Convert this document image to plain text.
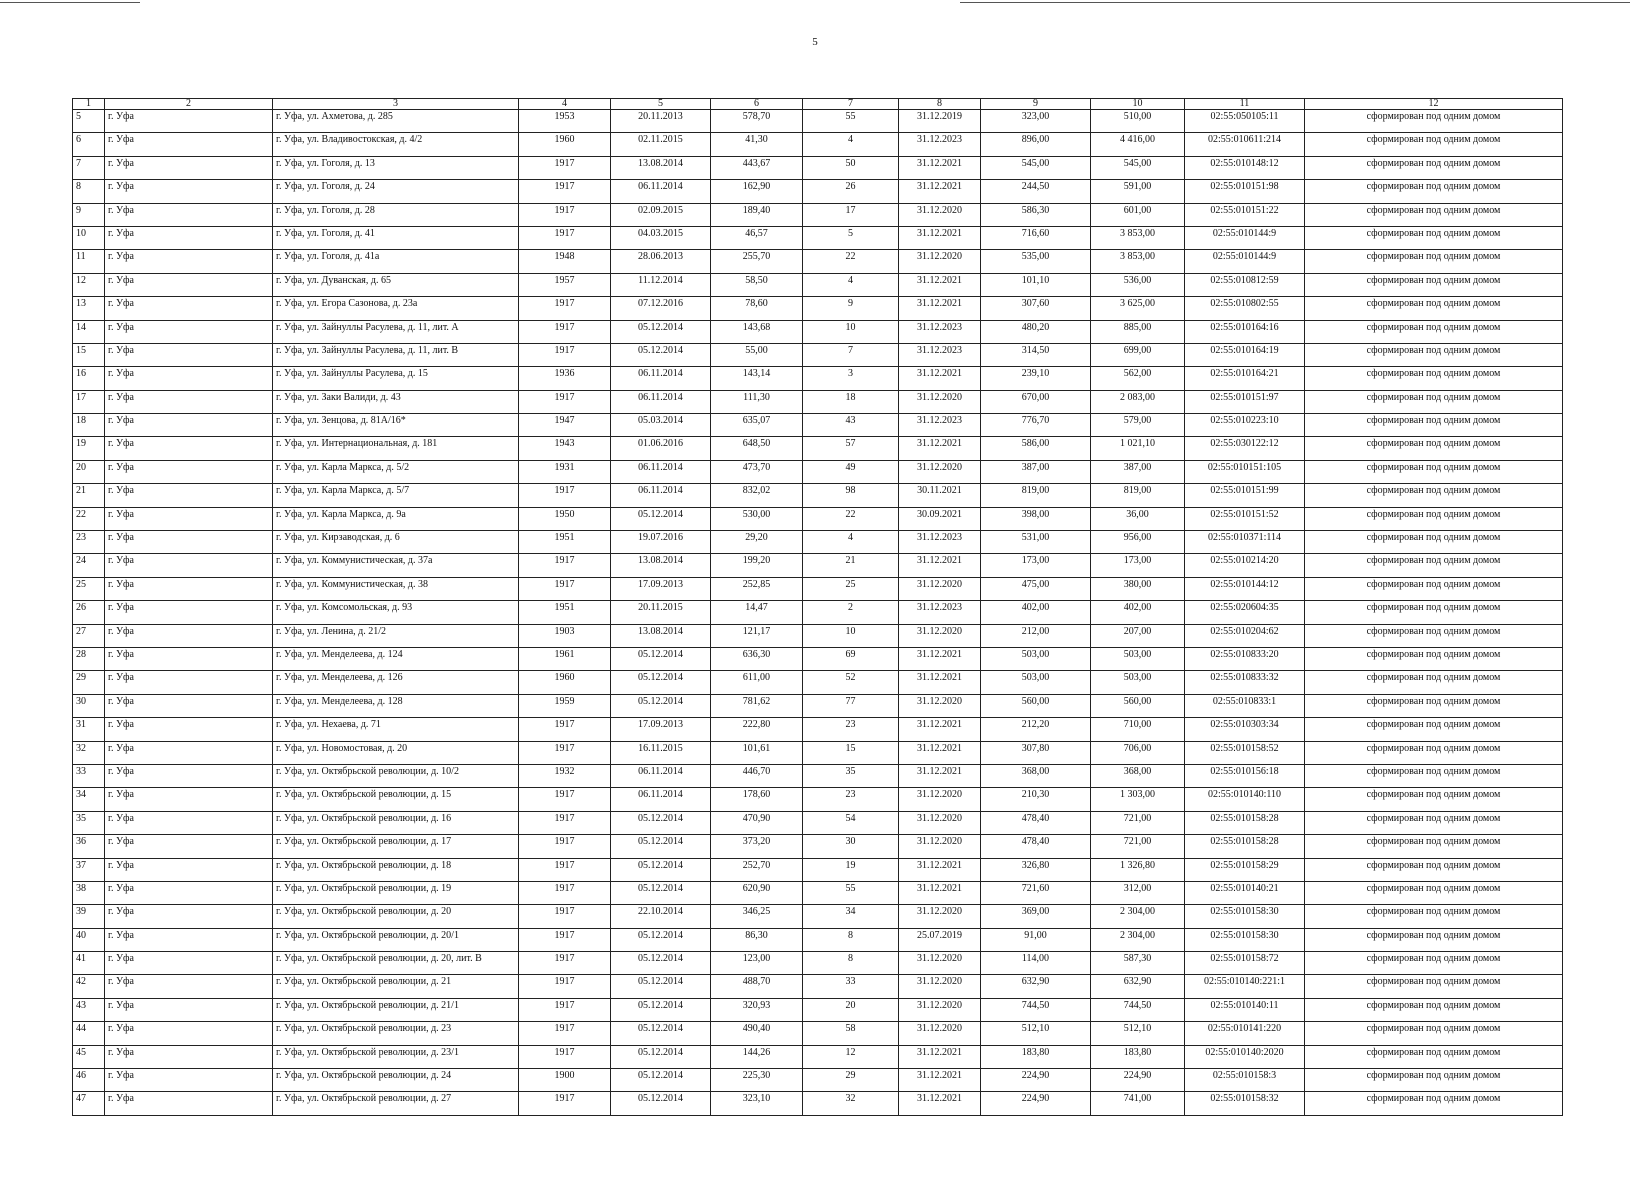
5
1	2	3	4	5	6	7	8	9	10	11	12
5	г. Уфа	г. Уфа, ул. Ахметова, д. 285	1953	20.11.2013	578,70	55	31.12.2019	323,00	510,00	02:55:050105:11	сформирован под одним домом
6	г. Уфа	г. Уфа, ул. Владивостокская, д. 4/2	1960	02.11.2015	41,30	4	31.12.2023	896,00	4 416,00	02:55:010611:214	сформирован под одним домом
7	г. Уфа	г. Уфа, ул. Гоголя, д. 13	1917	13.08.2014	443,67	50	31.12.2021	545,00	545,00	02:55:010148:12	сформирован под одним домом
8	г. Уфа	г. Уфа, ул. Гоголя, д. 24	1917	06.11.2014	162,90	26	31.12.2021	244,50	591,00	02:55:010151:98	сформирован под одним домом
9	г. Уфа	г. Уфа, ул. Гоголя, д. 28	1917	02.09.2015	189,40	17	31.12.2020	586,30	601,00	02:55:010151:22	сформирован под одним домом
10	г. Уфа	г. Уфа, ул. Гоголя, д. 41	1917	04.03.2015	46,57	5	31.12.2021	716,60	3 853,00	02:55:010144:9	сформирован под одним домом
11	г. Уфа	г. Уфа, ул. Гоголя, д. 41а	1948	28.06.2013	255,70	22	31.12.2020	535,00	3 853,00	02:55:010144:9	сформирован под одним домом
12	г. Уфа	г. Уфа, ул. Дуванская, д. 65	1957	11.12.2014	58,50	4	31.12.2021	101,10	536,00	02:55:010812:59	сформирован под одним домом
13	г. Уфа	г. Уфа, ул. Егора Сазонова, д. 23а	1917	07.12.2016	78,60	9	31.12.2021	307,60	3 625,00	02:55:010802:55	сформирован под одним домом
14	г. Уфа	г. Уфа, ул. Зайнуллы Расулева, д. 11, лит. А	1917	05.12.2014	143,68	10	31.12.2023	480,20	885,00	02:55:010164:16	сформирован под одним домом
15	г. Уфа	г. Уфа, ул. Зайнуллы Расулева, д. 11, лит. В	1917	05.12.2014	55,00	7	31.12.2023	314,50	699,00	02:55:010164:19	сформирован под одним домом
16	г. Уфа	г. Уфа, ул. Зайнуллы Расулева, д. 15	1936	06.11.2014	143,14	3	31.12.2021	239,10	562,00	02:55:010164:21	сформирован под одним домом
17	г. Уфа	г. Уфа, ул. Заки Валиди, д. 43	1917	06.11.2014	111,30	18	31.12.2020	670,00	2 083,00	02:55:010151:97	сформирован под одним домом
18	г. Уфа	г. Уфа, ул. Зенцова, д. 81А/16*	1947	05.03.2014	635,07	43	31.12.2023	776,70	579,00	02:55:010223:10	сформирован под одним домом
19	г. Уфа	г. Уфа, ул. Интернациональная, д. 181	1943	01.06.2016	648,50	57	31.12.2021	586,00	1 021,10	02:55:030122:12	сформирован под одним домом
20	г. Уфа	г. Уфа, ул. Карла Маркса, д. 5/2	1931	06.11.2014	473,70	49	31.12.2020	387,00	387,00	02:55:010151:105	сформирован под одним домом
21	г. Уфа	г. Уфа, ул. Карла Маркса, д. 5/7	1917	06.11.2014	832,02	98	30.11.2021	819,00	819,00	02:55:010151:99	сформирован под одним домом
22	г. Уфа	г. Уфа, ул. Карла Маркса, д. 9а	1950	05.12.2014	530,00	22	30.09.2021	398,00	36,00	02:55:010151:52	сформирован под одним домом
23	г. Уфа	г. Уфа, ул. Кирзаводская, д. 6	1951	19.07.2016	29,20	4	31.12.2023	531,00	956,00	02:55:010371:114	сформирован под одним домом
24	г. Уфа	г. Уфа, ул. Коммунистическая, д. 37а	1917	13.08.2014	199,20	21	31.12.2021	173,00	173,00	02:55:010214:20	сформирован под одним домом
25	г. Уфа	г. Уфа, ул. Коммунистическая, д. 38	1917	17.09.2013	252,85	25	31.12.2020	475,00	380,00	02:55:010144:12	сформирован под одним домом
26	г. Уфа	г. Уфа, ул. Комсомольская, д. 93	1951	20.11.2015	14,47	2	31.12.2023	402,00	402,00	02:55:020604:35	сформирован под одним домом
27	г. Уфа	г. Уфа, ул. Ленина, д. 21/2	1903	13.08.2014	121,17	10	31.12.2020	212,00	207,00	02:55:010204:62	сформирован под одним домом
28	г. Уфа	г. Уфа, ул. Менделеева, д. 124	1961	05.12.2014	636,30	69	31.12.2021	503,00	503,00	02:55:010833:20	сформирован под одним домом
29	г. Уфа	г. Уфа, ул. Менделеева, д. 126	1960	05.12.2014	611,00	52	31.12.2021	503,00	503,00	02:55:010833:32	сформирован под одним домом
30	г. Уфа	г. Уфа, ул. Менделеева, д. 128	1959	05.12.2014	781,62	77	31.12.2020	560,00	560,00	02:55:010833:1	сформирован под одним домом
31	г. Уфа	г. Уфа, ул. Нехаева, д. 71	1917	17.09.2013	222,80	23	31.12.2021	212,20	710,00	02:55:010303:34	сформирован под одним домом
32	г. Уфа	г. Уфа, ул. Новомостовая, д. 20	1917	16.11.2015	101,61	15	31.12.2021	307,80	706,00	02:55:010158:52	сформирован под одним домом
33	г. Уфа	г. Уфа, ул. Октябрьской революции, д. 10/2	1932	06.11.2014	446,70	35	31.12.2021	368,00	368,00	02:55:010156:18	сформирован под одним домом
34	г. Уфа	г. Уфа, ул. Октябрьской революции, д. 15	1917	06.11.2014	178,60	23	31.12.2020	210,30	1 303,00	02:55:010140:110	сформирован под одним домом
35	г. Уфа	г. Уфа, ул. Октябрьской революции, д. 16	1917	05.12.2014	470,90	54	31.12.2020	478,40	721,00	02:55:010158:28	сформирован под одним домом
36	г. Уфа	г. Уфа, ул. Октябрьской революции, д. 17	1917	05.12.2014	373,20	30	31.12.2020	478,40	721,00	02:55:010158:28	сформирован под одним домом
37	г. Уфа	г. Уфа, ул. Октябрьской революции, д. 18	1917	05.12.2014	252,70	19	31.12.2021	326,80	1 326,80	02:55:010158:29	сформирован под одним домом
38	г. Уфа	г. Уфа, ул. Октябрьской революции, д. 19	1917	05.12.2014	620,90	55	31.12.2021	721,60	312,00	02:55:010140:21	сформирован под одним домом
39	г. Уфа	г. Уфа, ул. Октябрьской революции, д. 20	1917	22.10.2014	346,25	34	31.12.2020	369,00	2 304,00	02:55:010158:30	сформирован под одним домом
40	г. Уфа	г. Уфа, ул. Октябрьской революции, д. 20/1	1917	05.12.2014	86,30	8	25.07.2019	91,00	2 304,00	02:55:010158:30	сформирован под одним домом
41	г. Уфа	г. Уфа, ул. Октябрьской революции, д. 20, лит. В	1917	05.12.2014	123,00	8	31.12.2020	114,00	587,30	02:55:010158:72	сформирован под одним домом
42	г. Уфа	г. Уфа, ул. Октябрьской революции, д. 21	1917	05.12.2014	488,70	33	31.12.2020	632,90	632,90	02:55:010140:221:1	сформирован под одним домом
43	г. Уфа	г. Уфа, ул. Октябрьской революции, д. 21/1	1917	05.12.2014	320,93	20	31.12.2020	744,50	744,50	02:55:010140:11	сформирован под одним домом
44	г. Уфа	г. Уфа, ул. Октябрьской революции, д. 23	1917	05.12.2014	490,40	58	31.12.2020	512,10	512,10	02:55:010141:220	сформирован под одним домом
45	г. Уфа	г. Уфа, ул. Октябрьской революции, д. 23/1	1917	05.12.2014	144,26	12	31.12.2021	183,80	183,80	02:55:010140:2020	сформирован под одним домом
46	г. Уфа	г. Уфа, ул. Октябрьской революции, д. 24	1900	05.12.2014	225,30	29	31.12.2021	224,90	224,90	02:55:010158:3	сформирован под одним домом
47	г. Уфа	г. Уфа, ул. Октябрьской революции, д. 27	1917	05.12.2014	323,10	32	31.12.2021	224,90	741,00	02:55:010158:32	сформирован под одним домом
